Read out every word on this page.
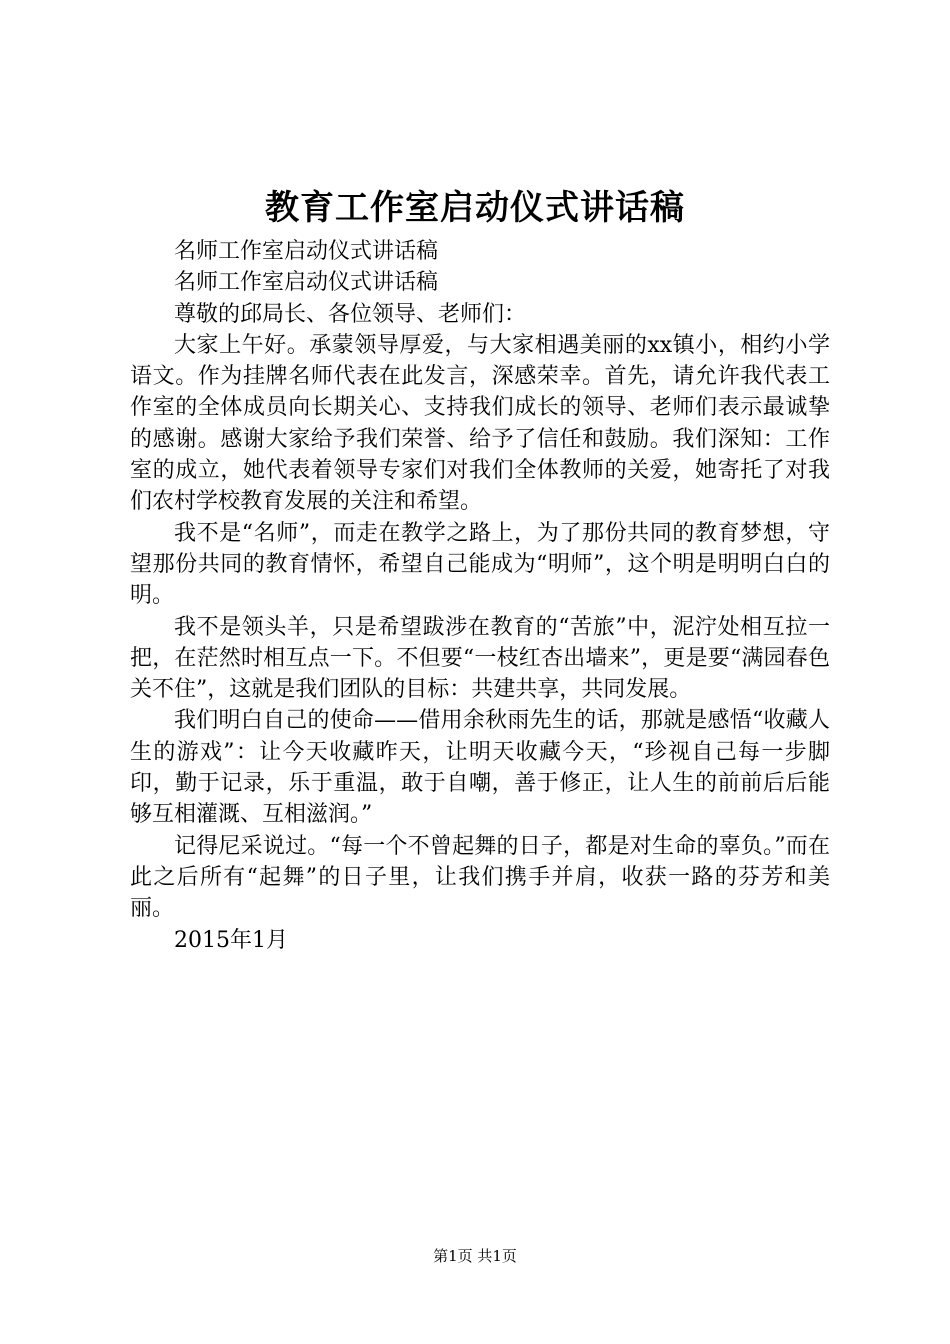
教育工作室启动仪式讲话稿

名师工作室启动仪式讲话稿

名师工作室启动仪式讲话稿

尊敬的邱局长、各位领导、老师们：

大家上午好。承蒙领导厚爱，与大家相遇美丽的xx镇小，相约小学语文。作为挂牌名师代表在此发言，深感荣幸。首先，请允许我代表工作室的全体成员向长期关心、支持我们成长的领导、老师们表示最诚挚的感谢。感谢大家给予我们荣誉、给予了信任和鼓励。我们深知：工作室的成立，她代表着领导专家们对我们全体教师的关爱，她寄托了对我们农村学校教育发展的关注和希望。

我不是“名师”，而走在教学之路上，为了那份共同的教育梦想，守望那份共同的教育情怀，希望自己能成为“明师”，这个明是明明白白的明。

我不是领头羊，只是希望跋涉在教育的“苦旅”中，泥泞处相互拉一把，在茫然时相互点一下。不但要“一枝红杏出墙来”，更是要“满园春色关不住”，这就是我们团队的目标：共建共享，共同发展。

我们明白自己的使命——借用余秋雨先生的话，那就是感悟“收藏人生的游戏”：让今天收藏昨天，让明天收藏今天，“珍视自己每一步脚印，勤于记录，乐于重温，敢于自嘲，善于修正，让人生的前前后后能够互相灌溉、互相滋润。”

记得尼采说过。“每一个不曾起舞的日子，都是对生命的辜负。”而在此之后所有“起舞”的日子里，让我们携手并肩，收获一路的芬芳和美丽。

2015年1月

第1页 共1页
